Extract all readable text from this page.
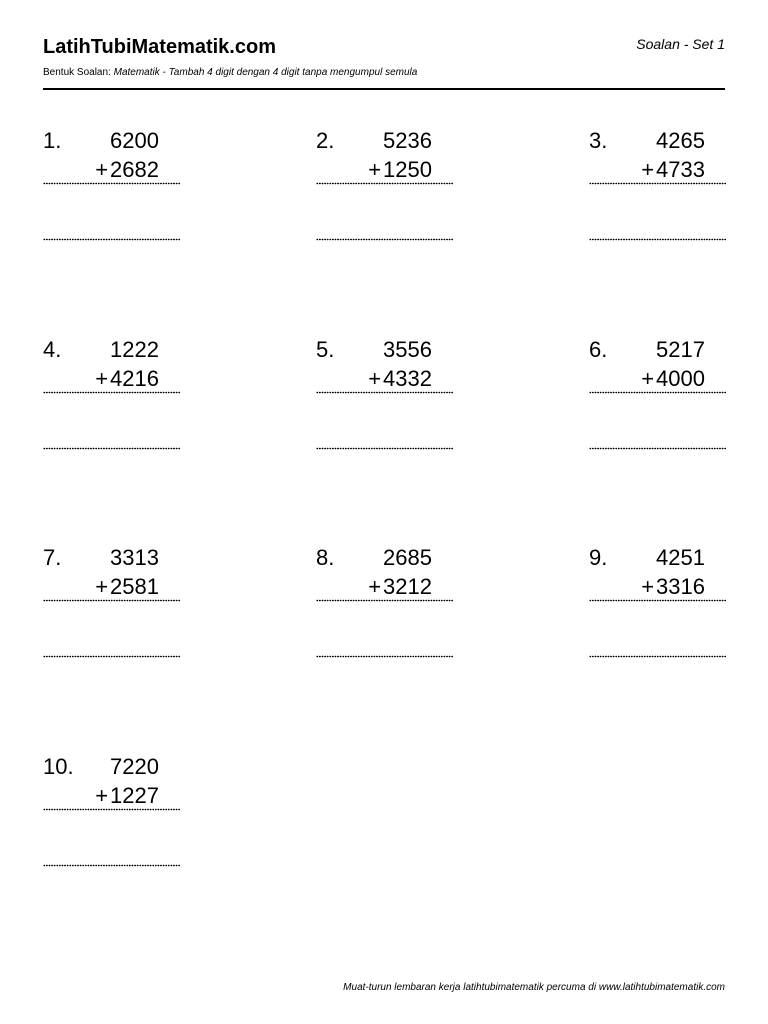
LatihTubiMatematik.com	Soalan - Set 1
Bentuk Soalan: Matematik - Tambah 4 digit dengan 4 digit tanpa mengumpul semula
1. 6200
+2682
2. 5236
+1250
3. 4265
+4733
4. 1222
+4216
5. 3556
+4332
6. 5217
+4000
7. 3313
+2581
8. 2685
+3212
9. 4251
+3316
10. 7220
+1227
Muat-turun lembaran kerja latihtubimatematik percuma di www.latihtubimatematik.com
